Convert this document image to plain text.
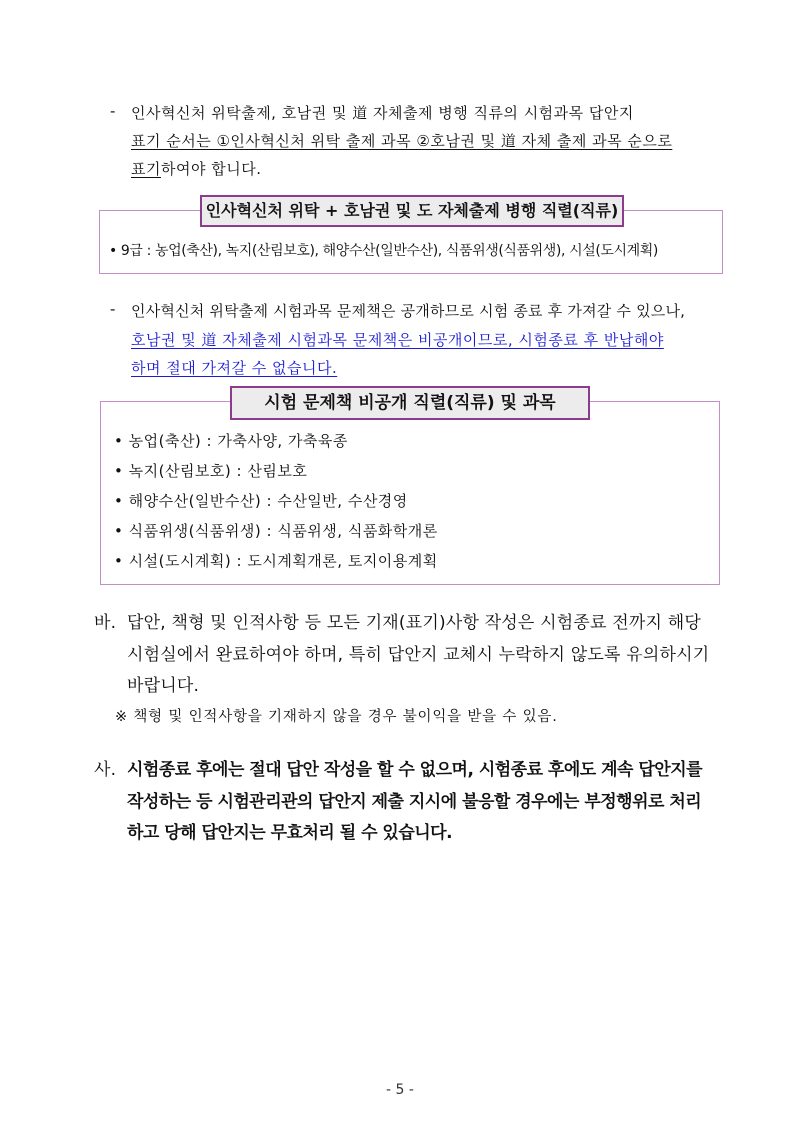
- 인사혁신처 위탁출제, 호남권 및 道 자체출제 병행 직류의 시험과목 답안지
표기 순서는 ①인사혁신처 위탁 출제 과목 ②호남권 및 道 자체 출제 과목 순으로
표기하여야 합니다.
인사혁신처 위탁 + 호남권 및 도 자체출제 병행 직렬(직류)
• 9급 : 농업(축산), 녹지(산림보호), 해양수산(일반수산), 식품위생(식품위생), 시설(도시계획)
- 인사혁신처 위탁출제 시험과목 문제책은 공개하므로 시험 종료 후 가져갈 수 있으나,
호남권 및 道 자체출제 시험과목 문제책은 비공개이므로, 시험종료 후 반납해야
하며 절대 가져갈 수 없습니다.
시험 문제책 비공개 직렬(직류) 및 과목
• 농업(축산) : 가축사양, 가축육종
• 녹지(산림보호) : 산림보호
• 해양수산(일반수산) : 수산일반, 수산경영
• 식품위생(식품위생) : 식품위생, 식품화학개론
• 시설(도시계획) : 도시계획개론, 토지이용계획
바. 답안, 책형 및 인적사항 등 모든 기재(표기)사항 작성은 시험종료 전까지 해당
시험실에서 완료하여야 하며, 특히 답안지 교체시 누락하지 않도록 유의하시기
바랍니다.
※ 책형 및 인적사항을 기재하지 않을 경우 불이익을 받을 수 있음.
사. 시험종료 후에는 절대 답안 작성을 할 수 없으며, 시험종료 후에도 계속 답안지를
작성하는 등 시험관리관의 답안지 제출 지시에 불응할 경우에는 부정행위로 처리
하고 당해 답안지는 무효처리 될 수 있습니다.
- 5 -
